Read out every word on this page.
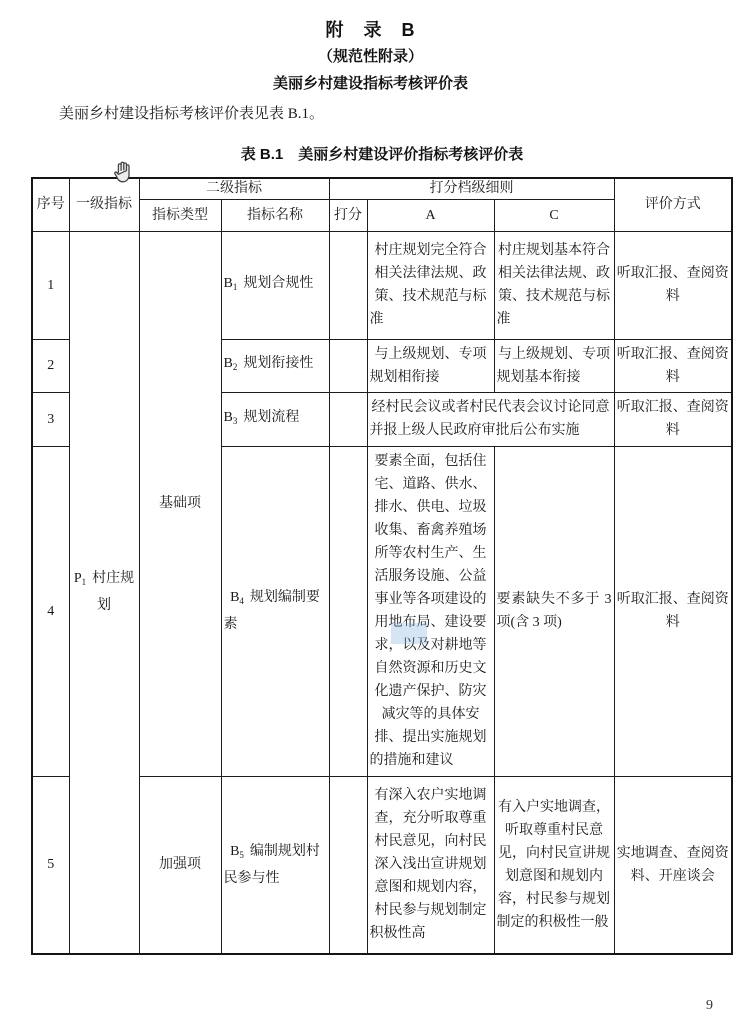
附　录　B
（规范性附录）
美丽乡村建设指标考核评价表
美丽乡村建设指标考核评价表见表 B.1。
表 B.1　美丽乡村建设评价指标考核评价表
序号	一级指标	二级指标		打分档级细则			评价方式
		指标类型	指标名称	打分	A	C	
1	$P_1$ 村庄规划	基础项	$B_1$ 规划合规性		村庄规划完全符合相关法律法规、政策、技术规范与标准	村庄规划基本符合相关法律法规、政策、技术规范与标准	听取汇报、查阅资料
2			$B_2$ 规划衔接性		与上级规划、专项规划相衔接	与上级规划、专项规划基本衔接	听取汇报、查阅资料
3			$B_3$ 规划流程		经村民会议或者村民代表会议讨论同意并报上级人民政府审批后公布实施		听取汇报、查阅资料
4			$B_4$ 规划编制要素		要素全面，包括住宅、道路、供水、排水、供电、垃圾收集、畜禽养殖场所等农村生产、生活服务设施、公益事业等各项建设的用地布局、建设要求，以及对耕地等自然资源和历史文化遗产保护、防灾减灾等的具体安排、提出实施规划的措施和建议	要素缺失不多于 3 项(含 3 项)	听取汇报、查阅资料
5		加强项	$B_5$ 编制规划村民参与性		有深入农户实地调查，充分听取尊重村民意见，向村民深入浅出宣讲规划意图和规划内容，村民参与规划制定积极性高	有入户实地调查，听取尊重村民意见，向村民宣讲规划意图和规划内容，村民参与规划制定的积极性一般	实地调查、查阅资料、开座谈会
9
